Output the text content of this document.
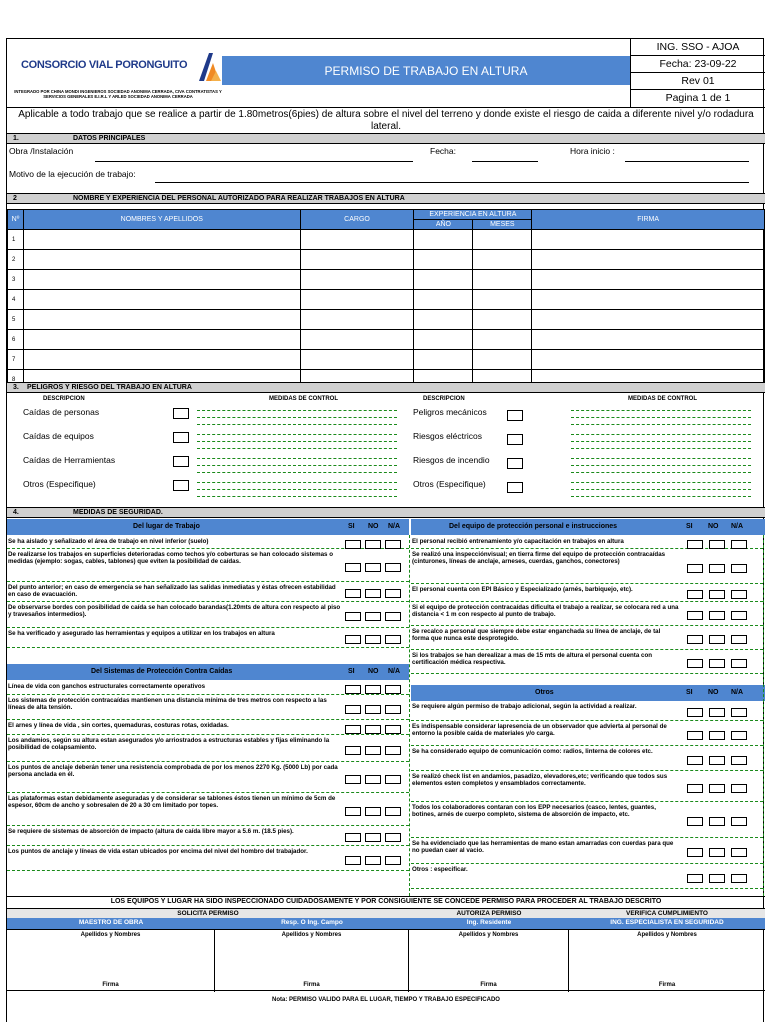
CONSORCIO VIAL PORONGUITO
INTEGRADO POR CHINA MONDI INGENIEROS SOCIEDAD ANONIMA CERRADA, CIVA CONTRATISTAS Y SERVICIOS GENERALES E.I.R.L Y ARLED SOCIEDAD ANONIMA CERRADA
PERMISO DE TRABAJO EN ALTURA
ING. SSO - AJOA
Fecha: 23-09-22
Rev 01
Pagina 1 de 1
Aplicable a todo trabajo que se realice a partir de 1.80metros(6pies) de altura sobre el nivel del terreno y donde existe el riesgo de caida a diferente nivel y/o rodadura lateral.
1.	DATOS PRINCIPALES
Obra /Instalación	Fecha:	Hora inicio :
Motivo de la ejecución de trabajo:
2	NOMBRE Y EXPERIENCIA DEL PERSONAL AUTORIZADO PARA REALIZAR TRABAJOS EN ALTURA
Nº	NOMBRES Y APELLIDOS	CARGO	EXPERIENCIA EN ALTURA		FIRMA
			AÑO	MESES	
1					
2					
3					
4					
5					
6					
7					
8					
3. PELIGROS Y RIESGO DEL TRABAJO EN ALTURA
DESCRIPCION	MEDIDAS DE CONTROL	DESCRIPCION	MEDIDAS DE CONTROL
Caídas de personas	Peligros mecánicos
Caídas de equipos	Riesgos eléctricos
Caídas de Herramientas	Riesgos de incendio
Otros (Especifique)	Otros (Especifique)
4.	MEDIDAS DE SEGURIDAD.
Del lugar de Trabajo	SI NO N/A	Del equipo de protección personal e instrucciones	SI NO N/A
Del Sistemas de Protección Contra Caídas	SI NO N/A
Otros	SI NO N/A
Se ha aislado y señalizado el área de trabajo en nivel inferior (suelo)
De realizarse los trabajos en superficies deterioradas como techos y/o coberturas se han colocado sistemas o medidas (ejemplo: sogas, cables, tablones) que eviten la posibilidad de caídas.
Del punto anterior; en caso de emergencia se han señalizado las salidas inmediatas y éstas ofrecen estabilidad en caso de evacuación.
De observarse bordes con posibilidad de caída se han colocado barandas(1.20mts de altura con respecto al piso y travesaños intermedios).
Se ha verificado y asegurado las herramientas y equipos a utilizar en los trabajos en altura
Línea de vida con ganchos estructurales correctamente operativos
Los sistemas de protección contracaídas mantienen una distancia mínima de tres metros con respecto a las líneas de alta tensión.
El arnes y línea de vida , sin cortes, quemaduras, costuras rotas, oxidadas.
Los andamios, según su altura estan asegurados y/o arriostrados a estructuras estables y fijas eliminando la posibilidad de colapsamiento.
Los puntos de anclaje deberán tener una resistencia comprobada de por los menos 2270 Kg. (5000 Lb) por cada persona anclada en él.
Las plataformas estan debidamente aseguradas y de considerar se tablones éstos tienen un mínimo de 5cm de espesor, 60cm de ancho y sobresalen de 20 a 30 cm limitado por topes.
Se requiere de sistemas de absorción de impacto (altura de caída libre mayor a 5.6 m. (18.5 pies).
Los puntos de anclaje y líneas de vida estan ubicados por encima del nivel del hombro del trabajador.
El personal recibió entrenamiento y/o capacitación en trabajos en altura
Se realizó una inspecciónvisual; en tierra firme del equipo de protección contracaídas (cinturones, líneas de anclaje, arneses, cuerdas, ganchos, conectores)
El personal cuenta con EPI Básico y Especializado (arnés, barbiquejo, etc).
Si el equipo de protección contracaídas dificulta el trabajo a realizar, se colocara red a una distancia < 1 m con respecto al punto de trabajo.
Se recalco a personal que siempre debe estar enganchada su línea de anclaje, de tal forma que nunca este desprotegido.
Si los trabajos se han derealizar a mas de 15 mts de altura el personal cuenta con certificación médica respectiva.
Se requiere algún permiso de trabajo adicional, según la actividad a realizar.
Es indispensable considerar lapresencia de un observador que advierta al personal de entorno la posible caída de materiales y/o carga.
Se ha considerado equipo de comunicación como: radios, linterna de colores etc.
Se realizó check list en andamios, pasadizo, elevadores,etc; verificando que todos sus elementos esten completos y ensamblados correctamente.
Todos los colaboradores contaran con los EPP necesarios (casco, lentes, guantes, botines, arnés de cuerpo completo, sistema de absorción de impacto, etc.
Se ha evidenciado que las herramientas de mano estan amarradas con cuerdas para que no puedan caer al vacio.
Otros : especificar.
LOS EQUIPOS Y LUGAR HA SIDO INSPECCIONADO CUIDADOSAMENTE Y POR CONSIGUIENTE SE CONCEDE PERMISO PARA PROCEDER AL TRABAJO DESCRITO
SOLICITA PERMISO	AUTORIZA PERMISO	VERIFICA CUMPLIMIENTO
MAESTRO DE OBRA	Resp. O Ing. Campo	Ing. Residente	ING. ESPECIALISTA EN SEGURIDAD
Apellidos y Nombres
Firma
Apellidos y Nombres
Firma
Apellidos y Nombres
Firma
Apellidos y Nombres
Firma
Nota: PERMISO VALIDO PARA EL LUGAR, TIEMPO Y TRABAJO ESPECIFICADO
